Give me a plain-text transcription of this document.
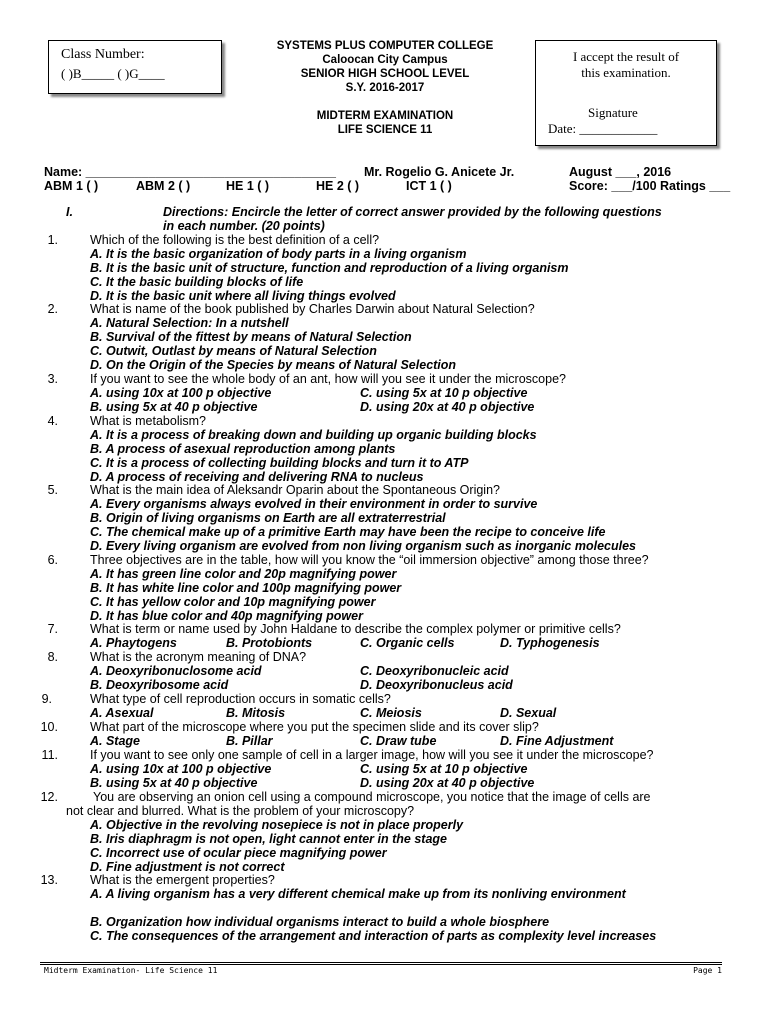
Class Number:
( )B_____ ( )G____
I accept the result of
this examination.
Signature
Date: ____________
SYSTEMS PLUS COMPUTER COLLEGE
Caloocan City Campus
SENIOR HIGH SCHOOL LEVEL
S.Y. 2016-2017
MIDTERM EXAMINATION
LIFE SCIENCE 11
Name: ____________________________________ Mr. Rogelio G. Anicete Jr.	August ___, 2016
ABM 1 ( )	ABM 2 ( )	HE 1 ( )	HE 2 ( )	ICT 1 ( )	Score: ___/100 Ratings ___
I.	Directions: Encircle the letter of correct answer provided by the following questions
in each number. (20 points)
1.	Which of the following is the best definition of a cell?
A. It is the basic organization of body parts in a living organism
B. It is the basic unit of structure, function and reproduction of a living organism
C. It the basic building blocks of life
D. It is the basic unit where all living things evolved
2.	What is name of the book published by Charles Darwin about Natural Selection?
A. Natural Selection: In a nutshell
B. Survival of the fittest by means of Natural Selection
C. Outwit, Outlast by means of Natural Selection
D. On the Origin of the Species by means of Natural Selection
3.	If you want to see the whole body of an ant, how will you see it under the microscope?
A. using 10x at 100 p objective	C. using 5x at 10 p objective
B. using 5x at 40 p objective	D. using 20x at 40 p objective
4.	What is metabolism?
A. It is a process of breaking down and building up organic building blocks
B. A process of asexual reproduction among plants
C. It is a process of collecting building blocks and turn it to ATP
D. A process of receiving and delivering RNA to nucleus
5.	What is the main idea of Aleksandr Oparin about the Spontaneous Origin?
A. Every organisms always evolved in their environment in order to survive
B. Origin of living organisms on Earth are all extraterrestrial
C. The chemical make up of a primitive Earth may have been the recipe to conceive life
D. Every living organism are evolved from non living organism such as inorganic molecules
6.	Three objectives are in the table, how will you know the “oil immersion objective” among those three?
A. It has green line color and 20p magnifying power
B. It has white line color and 100p magnifying power
C. It has yellow color and 10p magnifying power
D. It has blue color and 40p magnifying power
7.	What is term or name used by John Haldane to describe the complex polymer or primitive cells?
A. Phaytogens	B. Protobionts	C. Organic cells	D. Typhogenesis
8.	What is the acronym meaning of DNA?
A. Deoxyribonuclosome acid	C. Deoxyribonucleic acid
B. Deoxyribosome acid	D. Deoxyribonucleus acid
9.	What type of cell reproduction occurs in somatic cells?
A. Asexual	B. Mitosis	C. Meiosis	D. Sexual
10.	What part of the microscope where you put the specimen slide and its cover slip?
A. Stage	B. Pillar	C. Draw tube	D. Fine Adjustment
11.	If you want to see only one sample of cell in a larger image, how will you see it under the microscope?
A. using 10x at 100 p objective	C. using 5x at 10 p objective
B. using 5x at 40 p objective	D. using 20x at 40 p objective
12.	You are observing an onion cell using a compound microscope, you notice that the image of cells are
not clear and blurred. What is the problem of your microscopy?
A. Objective in the revolving nosepiece is not in place properly
B. Iris diaphragm is not open, light cannot enter in the stage
C. Incorrect use of ocular piece magnifying power
D. Fine adjustment is not correct
13.	What is the emergent properties?
A. A living organism has a very different chemical make up from its nonliving environment
B. Organization how individual organisms interact to build a whole biosphere
C. The consequences of the arrangement and interaction of parts as complexity level increases
Midterm Examination- Life Science 11	Page 1
